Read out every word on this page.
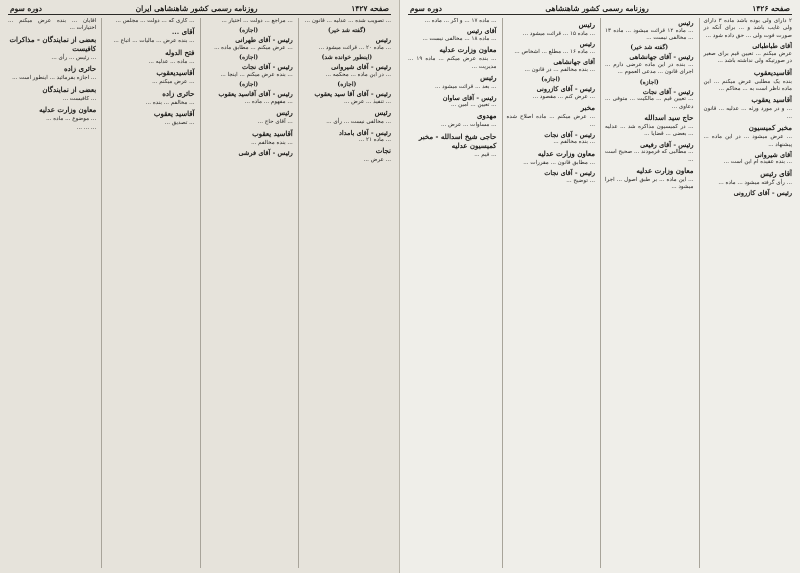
صفحه ۱۴۲۷
روزنامه رسمی کشور شاهنشاهی ایران
دوره سوم
... تصویب شده ... عدلیه ... قانون ...
(گفته شد خیر)
رئیس
... ماده ۲۰ ... قرائت میشود ...
(اینطور خوانده شد)
رئیس - آقای شیروانی
... در این ماده ... محکمه ...
(اجازه)
رئیس - آقای آقا سید یعقوب
... تنفیذ ... عرض ...
رئیس
... مخالفی نیست ... رأی ...
رئیس - آقای بامداد
... ماده ۲۱ ...
نجات
... عرض ...
... مراجع ... دولت ... اختیار ...
(اجازه)
رئیس - آقای طهرانی
... عرض میکنم ... مطابق ماده ...
(اجازه)
رئیس - آقای نجات
... بنده عرض میکنم ... اینجا ...
(اجازه)
رئیس - آقای آقاسید یعقوب
... مفهوم ... ماده ...
رئیس
... آقای حاج ...
آقاسید یعقوب
... بنده مخالفم ...
رئیس - آقای فرشی
... کاری که ... دولت ... مجلس ...
آقای ...
... بنده عرض ... مالیات ... اتباع ...
فتح الدوله
... ماده ... عدلیه ...
آقاسیدیعقوب
... عرض میکنم ...
حائری زاده
... مخالفم ... بنده ...
آقاسید یعقوب
... تصدیق ...
آقایان ... بنده عرض میکنم ... اختیارات ...
بعضی از نمایندگان - مذاکرات کافیست
... رئیس ... رأی ...
حائری زاده
... اجازه بفرمائید ... اینطور است ...
بعضی از نمایندگان
... کافیست ...
معاون وزارت عدلیه
... موضوع ... ماده ...
... ... ...
صفحه ۱۴۲۶
روزنامه رسمی کشور شاهنشاهی
دوره سوم
۲ دارای ولی بوده باشد ماده ۳ دارای ولی غایب باشد و ... برای آنکه در صورت فوت ولی ... حق داده شود ...
آقای طباطبائی
عرض میکنم ... تعیین قیم برای صغیر در صورتیکه ولی نداشته باشد ...
آقاسیدیعقوب
بنده یک مطلبی عرض میکنم ... این ماده ناظر است به ... محاکم ...
آقاسید یعقوب
... و در مورد ورثه ... عدلیه ... قانون ...
مخبر کمیسیون
... عرض میشود ... در این ماده ... پیشنهاد ...
آقای شیروانی
... بنده عقیده ام این است ...
آقای رئیس
... رأی گرفته میشود ... ماده ...
رئیس - آقای کازرونی
رئیس
... ماده ۱۲ قرائت میشود ... ماده ۱۳ ... مخالفی نیست ...
(گفته شد خیر)
رئیس - آقای جهانشاهی
... بنده در این ماده عرضی دارم ... اجرای قانون ... مدعی العموم ...
(اجازه)
رئیس - آقای نجات
... تعیین قیم ... مالکیت ... متوفی ... دعاوی ...
حاج سید اسدالله
... در کمیسیون مذاکره شد ... عدلیه ... بعضی ... قضایا ...
رئیس - آقای رفیعی
... مطالبی که فرمودند ... صحیح است ...
معاون وزارت عدلیه
... این ماده ... بر طبق اصول ... اجرا میشود ...
رئیس
... ماده ۱۵ ... قرائت میشود ...
رئیس
... ماده ۱۶ ... مطلع ... اشخاص ...
آقای جهانشاهی
... بنده مخالفم ... در قانون ...
(اجازه)
رئیس - آقای کازرونی
... عرض کنم ... مقصود ...
مخبر
... عرض میکنم ... ماده اصلاح شده ...
رئیس - آقای نجات
... بنده مخالفم ...
معاون وزارت عدلیه
... مطابق قانون ... مقررات ...
رئیس - آقای نجات
... توضیح ...
... ماده ۱۷ ... و اگر ... ماده ...
آقای رئیس
... ماده ۱۸ ... مخالفی نیست ...
معاون وزارت عدلیه
... بنده عرض میکنم ... ماده ۱۹ ... مدیریت ...
رئیس
... بعد ... قرائت میشود ...
رئیس - آقای ساوان
... تعیین ... امین ...
مهدوی
... مساوات ... عرض ...
حاجی شیخ اسدالله - مخبر کمیسیون عدلیه
... قیم ...
